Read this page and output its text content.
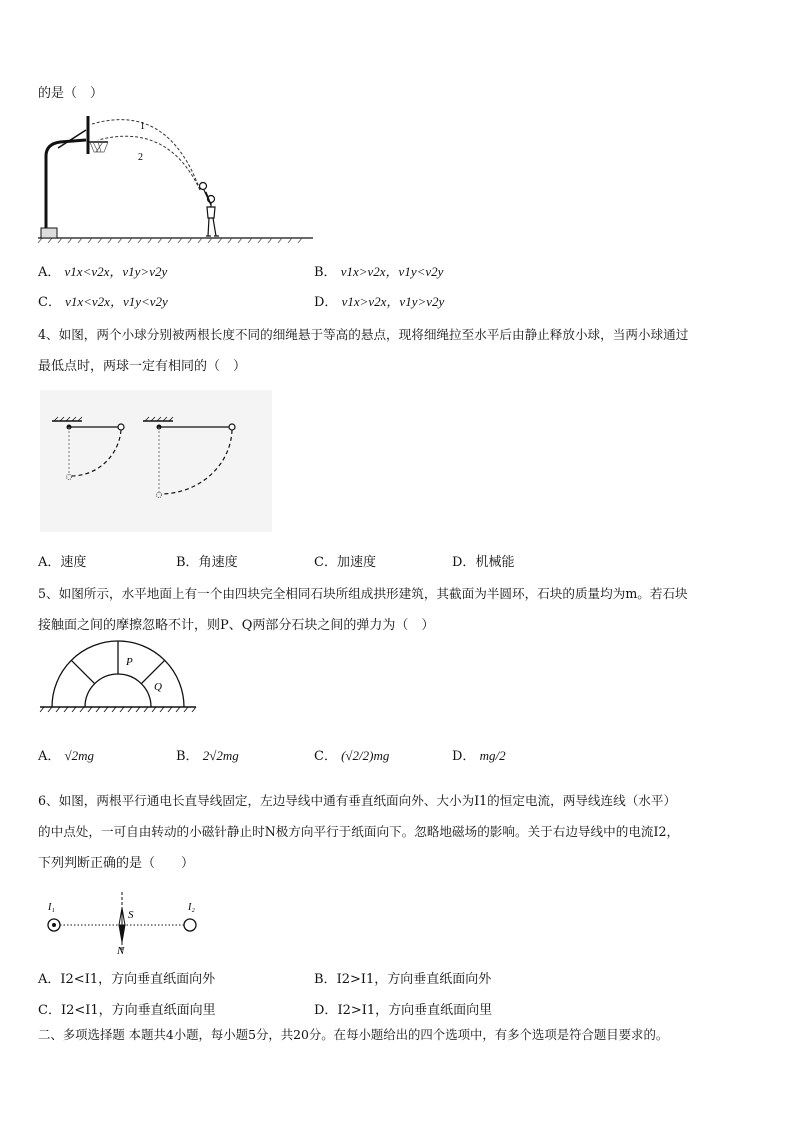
的是（　）
1
2
A． v1x<v2x，v1y>v2y	B． v1x>v2x，v1y<v2y
C． v1x<v2x，v1y<v2y	D． v1x>v2x，v1y>v2y
4、如图，两个小球分别被两根长度不同的细绳悬于等高的悬点，现将细绳拉至水平后由静止释放小球，当两小球通过
最低点时，两球一定有相同的（　）
A．速度	B．角速度	C．加速度	D．机械能
5、如图所示，水平地面上有一个由四块完全相同石块所组成拱形建筑，其截面为半圆环，石块的质量均为m。若石块
接触面之间的摩擦忽略不计，则P、Q两部分石块之间的弹力为（　）
P
Q
A． √2mg	B． 2√2mg	C． (√2/2)mg	D． mg/2
6、如图，两根平行通电长直导线固定，左边导线中通有垂直纸面向外、大小为I1的恒定电流，两导线连线（水平）
的中点处，一可自由转动的小磁针静止时N极方向平行于纸面向下。忽略地磁场的影响。关于右边导线中的电流I2，
下列判断正确的是（　　）
I₁	I₂
S
N
A．I2<I1，方向垂直纸面向外	B．I2>I1，方向垂直纸面向外
C．I2<I1，方向垂直纸面向里	D．I2>I1，方向垂直纸面向里
二、多项选择题 本题共4小题，每小题5分，共20分。在每小题给出的四个选项中，有多个选项是符合题目要求的。
